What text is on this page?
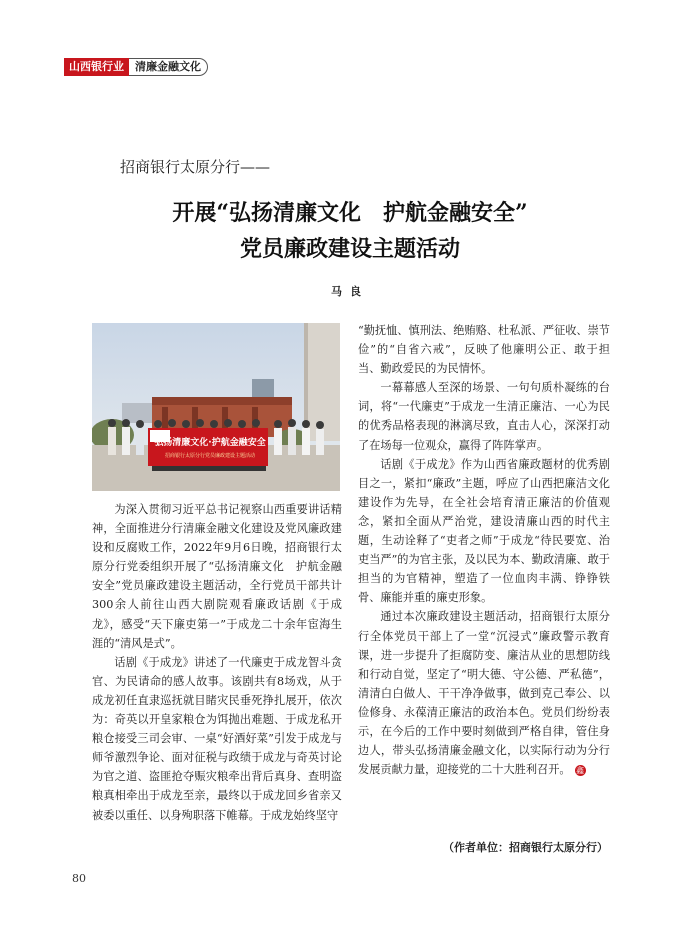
山西银行业	清廉金融文化
招商银行太原分行——
开展“弘扬清廉文化　护航金融安全”
党员廉政建设主题活动
马良
弘扬清廉文化·护航金融安全
招商银行太原分行党员廉政建设主题活动

为深入贯彻习近平总书记视察山西重要讲话精神，全面推进分行清廉金融文化建设及党风廉政建设和反腐败工作，2022年9月6日晚，招商银行太原分行党委组织开展了“弘扬清廉文化　护航金融安全”党员廉政建设主题活动，全行党员干部共计300余人前往山西大剧院观看廉政话剧《于成龙》，感受“天下廉吏第一”于成龙二十余年宦海生涯的“清风是式”。

话剧《于成龙》讲述了一代廉吏于成龙智斗贪官、为民请命的感人故事。该剧共有8场戏，从于成龙初任直隶巡抚就目睹灾民垂死挣扎展开，依次为：奇英以开皇家粮仓为饵抛出难题、于成龙私开粮仓接受三司会审、一桌“好酒好菜”引发于成龙与师爷激烈争论、面对征税与政绩于成龙与奇英讨论为官之道、盗匪抢夺赈灾粮牵出背后真身、查明盗粮真相牵出于成龙至亲，最终以于成龙回乡省亲又被委以重任、以身殉职落下帷幕。于成龙始终坚守

“勤抚恤、慎刑法、绝贿赂、杜私派、严征收、崇节俭”的“自省六戒”，反映了他廉明公正、敢于担当、勤政爱民的为民情怀。

一幕幕感人至深的场景、一句句质朴凝练的台词，将“一代廉吏”于成龙一生清正廉洁、一心为民的优秀品格表现的淋漓尽致，直击人心，深深打动了在场每一位观众，赢得了阵阵掌声。

话剧《于成龙》作为山西省廉政题材的优秀剧目之一，紧扣“廉政”主题，呼应了山西把廉洁文化建设作为先导，在全社会培育清正廉洁的价值观念，紧扣全面从严治党，建设清廉山西的时代主题，生动诠释了“吏者之师”于成龙“待民要宽、治吏当严”的为官主张，及以民为本、勤政清廉、敢于担当的为官精神，塑造了一位血肉丰满、铮铮铁骨、廉能并重的廉吏形象。

通过本次廉政建设主题活动，招商银行太原分行全体党员干部上了一堂“沉浸式”廉政警示教育课，进一步提升了拒腐防变、廉洁从业的思想防线和行动自觉，坚定了“明大德、守公德、严私德”，清清白白做人、干干净净做事，做到克己奉公、以俭修身、永葆清正廉洁的政治本色。党员们纷纷表示，在今后的工作中要时刻做到严格自律，管住身边人，带头弘扬清廉金融文化，以实际行动为分行发展贡献力量，迎接党的二十大胜利召开。 鑫

（作者单位：招商银行太原分行）
80
